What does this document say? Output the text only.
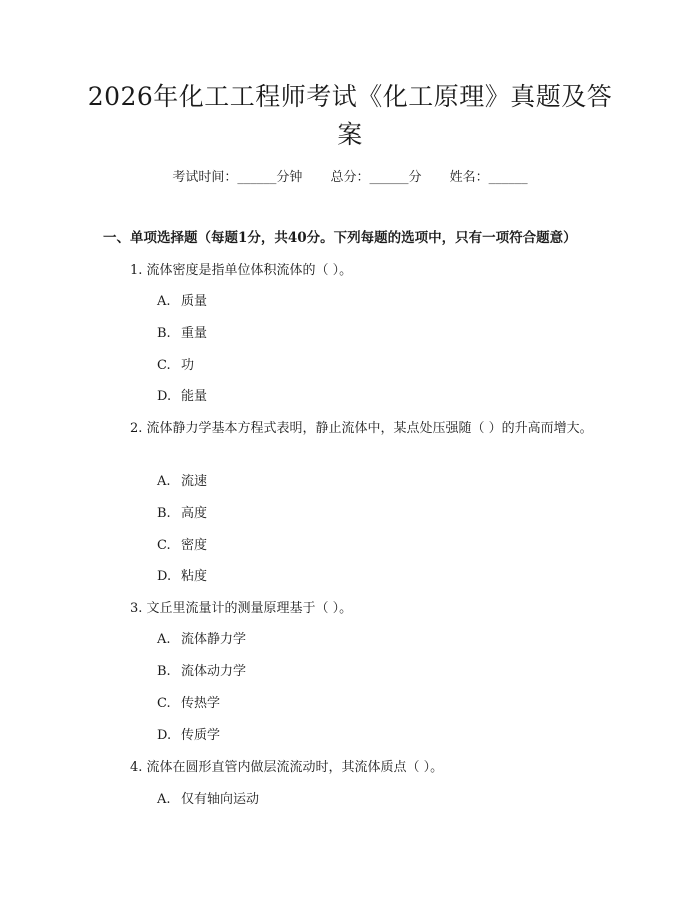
2026年化工工程师考试《化工原理》真题及答案
考试时间：______分钟 总分：______分 姓名：______
一、单项选择题（每题1分，共40分。下列每题的选项中，只有一项符合题意）
1. 流体密度是指单位体积流体的（ ）。
A. 质量
B. 重量
C. 功
D. 能量
2. 流体静力学基本方程式表明，静止流体中，某点处压强随（ ）的升高而增大。
A. 流速
B. 高度
C. 密度
D. 粘度
3. 文丘里流量计的测量原理基于（ ）。
A. 流体静力学
B. 流体动力学
C. 传热学
D. 传质学
4. 流体在圆形直管内做层流流动时，其流体质点（ ）。
A. 仅有轴向运动
